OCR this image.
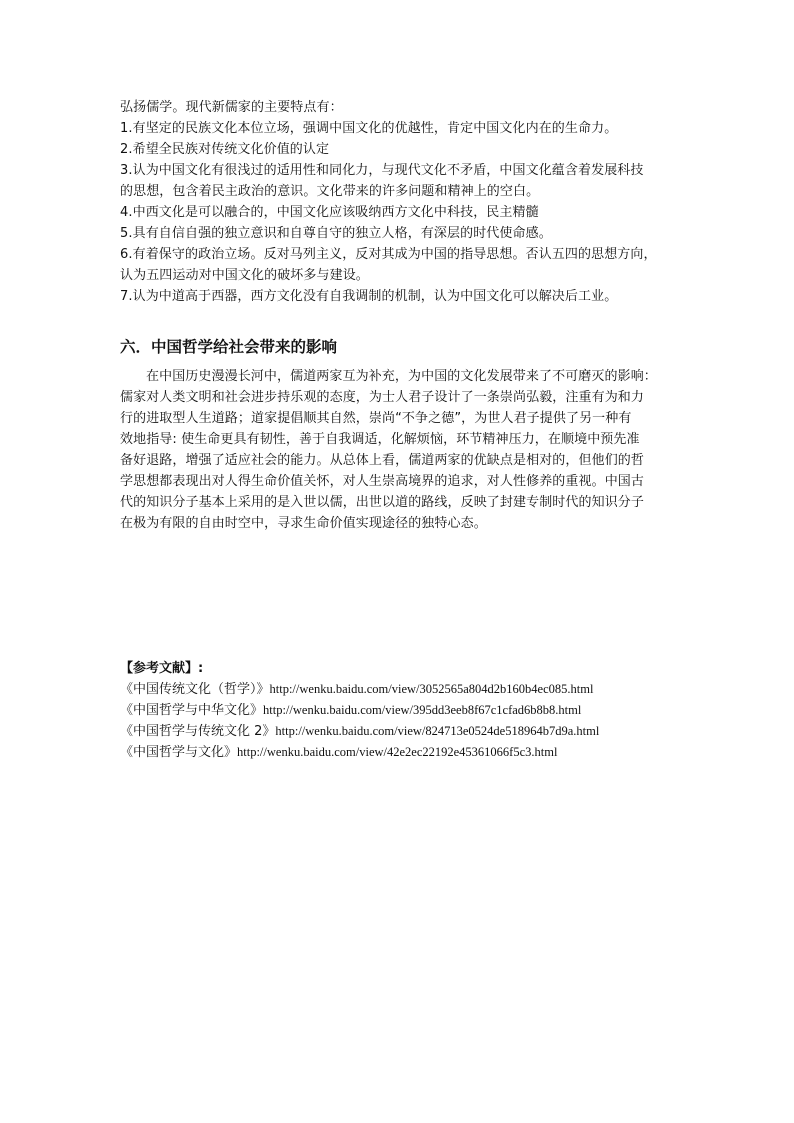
弘扬儒学。现代新儒家的主要特点有：
1.有坚定的民族文化本位立场，强调中国文化的优越性，肯定中国文化内在的生命力。
2.希望全民族对传统文化价值的认定
3.认为中国文化有很浅过的适用性和同化力，与现代文化不矛盾，中国文化蕴含着发展科技
的思想，包含着民主政治的意识。文化带来的许多问题和精神上的空白。
4.中西文化是可以融合的，中国文化应该吸纳西方文化中科技，民主精髓
5.具有自信自强的独立意识和自尊自守的独立人格，有深层的时代使命感。
6.有着保守的政治立场。反对马列主义，反对其成为中国的指导思想。否认五四的思想方向，
认为五四运动对中国文化的破坏多与建设。
7.认为中道高于西器，西方文化没有自我调制的机制，认为中国文化可以解决后工业。
六．中国哲学给社会带来的影响
在中国历史漫漫长河中，儒道两家互为补充，为中国的文化发展带来了不可磨灭的影响：
儒家对人类文明和社会进步持乐观的态度，为士人君子设计了一条崇尚弘毅，注重有为和力
行的进取型人生道路；道家提倡顺其自然，崇尚“不争之德”，为世人君子提供了另一种有
效地指导: 使生命更具有韧性，善于自我调适，化解烦恼，环节精神压力，在顺境中预先准
备好退路，增强了适应社会的能力。从总体上看，儒道两家的优缺点是相对的，但他们的哲
学思想都表现出对人得生命价值关怀，对人生崇高境界的追求，对人性修养的重视。中国古
代的知识分子基本上采用的是入世以儒，出世以道的路线，反映了封建专制时代的知识分子
在极为有限的自由时空中，寻求生命价值实现途径的独特心态。
【参考文献】:
《中国传统文化（哲学）》http://wenku.baidu.com/view/3052565a804d2b160b4ec085.html
《中国哲学与中华文化》http://wenku.baidu.com/view/395dd3eeb8f67c1cfad6b8b8.html
《中国哲学与传统文化 2》http://wenku.baidu.com/view/824713e0524de518964b7d9a.html
《中国哲学与文化》http://wenku.baidu.com/view/42e2ec22192e45361066f5c3.html
